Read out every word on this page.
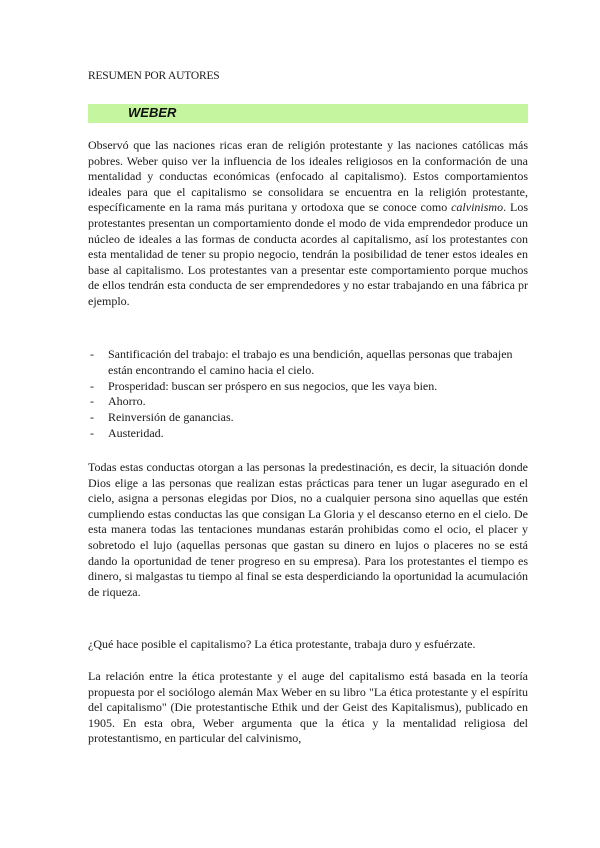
RESUMEN POR AUTORES
WEBER

Observó que las naciones ricas eran de religión protestante y las naciones católicas más pobres. Weber quiso ver la influencia de los ideales religiosos en la conformación de una mentalidad y conductas económicas (enfocado al capitalismo). Estos comportamientos ideales para que el capitalismo se consolidara se encuentra en la religión protestante, específicamente en la rama más puritana y ortodoxa que se conoce como calvinismo. Los protestantes presentan un comportamiento donde el modo de vida emprendedor produce un núcleo de ideales a las formas de conducta acordes al capitalismo, así los protestantes con esta mentalidad de tener su propio negocio, tendrán la posibilidad de tener estos ideales en base al capitalismo. Los protestantes van a presentar este comportamiento porque muchos de ellos tendrán esta conducta de ser emprendedores y no estar trabajando en una fábrica pr ejemplo.

- Santificación del trabajo: el trabajo es una bendición, aquellas personas que trabajen están encontrando el camino hacia el cielo.
- Prosperidad: buscan ser próspero en sus negocios, que les vaya bien.
- Ahorro.
- Reinversión de ganancias.
- Austeridad.

Todas estas conductas otorgan a las personas la predestinación, es decir, la situación donde Dios elige a las personas que realizan estas prácticas para tener un lugar asegurado en el cielo, asigna a personas elegidas por Dios, no a cualquier persona sino aquellas que estén cumpliendo estas conductas las que consigan La Gloria y el descanso eterno en el cielo. De esta manera todas las tentaciones mundanas estarán prohibidas como el ocio, el placer y sobretodo el lujo (aquellas personas que gastan su dinero en lujos o placeres no se está dando la oportunidad de tener progreso en su empresa). Para los protestantes el tiempo es dinero, si malgastas tu tiempo al final se esta desperdiciando la oportunidad la acumulación de riqueza.

¿Qué hace posible el capitalismo? La ética protestante, trabaja duro y esfuérzate.

La relación entre la ética protestante y el auge del capitalismo está basada en la teoría propuesta por el sociólogo alemán Max Weber en su libro "La ética protestante y el espíritu del capitalismo" (Die protestantische Ethik und der Geist des Kapitalismus), publicado en 1905. En esta obra, Weber argumenta que la ética y la mentalidad religiosa del protestantismo, en particular del calvinismo,
